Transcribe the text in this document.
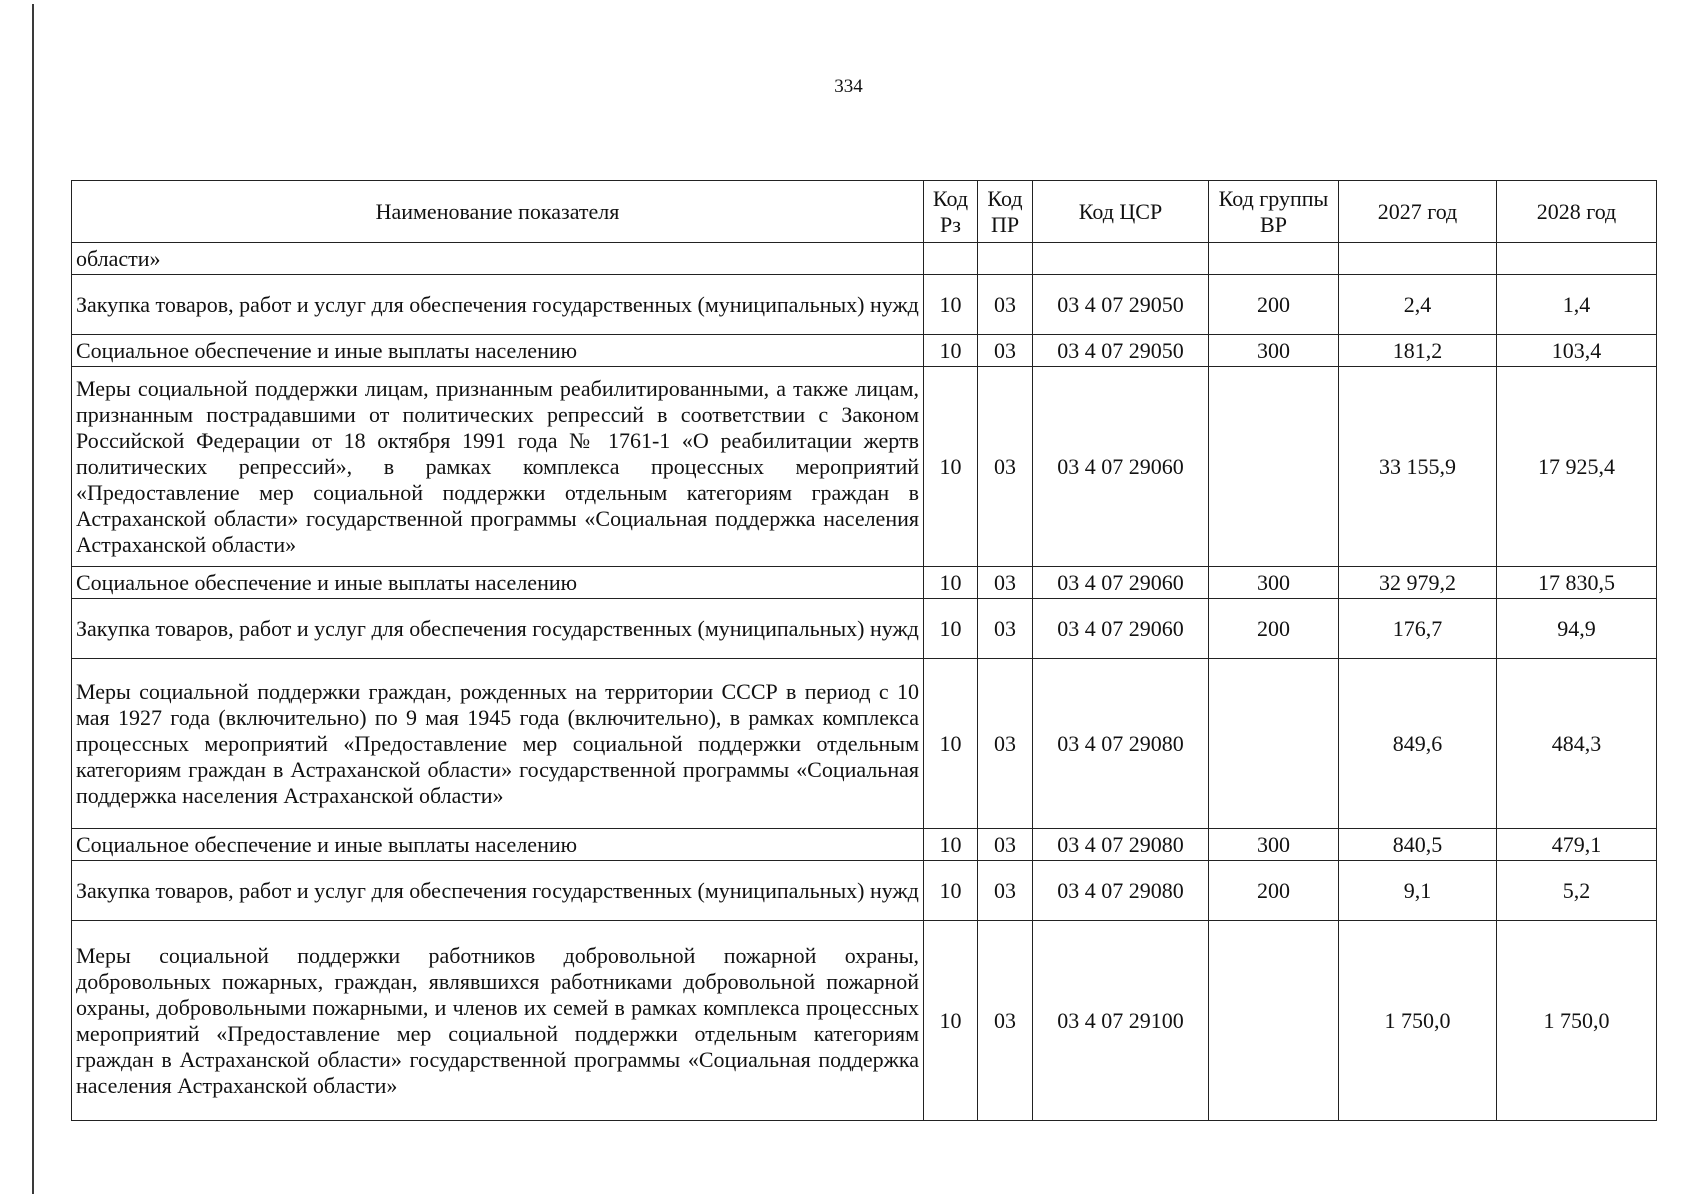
334
Наименование показателя	Код Рз	Код ПР	Код ЦСР	Код группы ВР	2027 год	2028 год
области»						
Закупка товаров, работ и услуг для обеспечения государственных (муниципальных) нужд	10	03	03 4 07 29050	200	2,4	1,4
Социальное обеспечение и иные выплаты населению	10	03	03 4 07 29050	300	181,2	103,4
Меры социальной поддержки лицам, признанным реабилитированными, а также лицам, признанным пострадавшими от политических репрессий в соответствии с Законом Российской Федерации от 18 октября 1991 года № 1761-1 «О реабилитации жертв политических репрессий», в рамках комплекса процессных мероприятий «Предоставление мер социальной поддержки отдельным категориям граждан в Астраханской области» государственной программы «Социальная поддержка населения Астраханской области»	10	03	03 4 07 29060		33 155,9	17 925,4
Социальное обеспечение и иные выплаты населению	10	03	03 4 07 29060	300	32 979,2	17 830,5
Закупка товаров, работ и услуг для обеспечения государственных (муниципальных) нужд	10	03	03 4 07 29060	200	176,7	94,9
Меры социальной поддержки граждан, рожденных на территории СССР в период с 10 мая 1927 года (включительно) по 9 мая 1945 года (включительно), в рамках комплекса процессных мероприятий «Предоставление мер социальной поддержки отдельным категориям граждан в Астраханской области» государственной программы «Социальная поддержка населения Астраханской области»	10	03	03 4 07 29080		849,6	484,3
Социальное обеспечение и иные выплаты населению	10	03	03 4 07 29080	300	840,5	479,1
Закупка товаров, работ и услуг для обеспечения государственных (муниципальных) нужд	10	03	03 4 07 29080	200	9,1	5,2
Меры социальной поддержки работников добровольной пожарной охраны, добровольных пожарных, граждан, являвшихся работниками добровольной пожарной охраны, добровольными пожарными, и членов их семей в рамках комплекса процессных мероприятий «Предоставление мер социальной поддержки отдельным категориям граждан в Астраханской области» государственной программы «Социальная поддержка населения Астраханской области»	10	03	03 4 07 29100		1 750,0	1 750,0
